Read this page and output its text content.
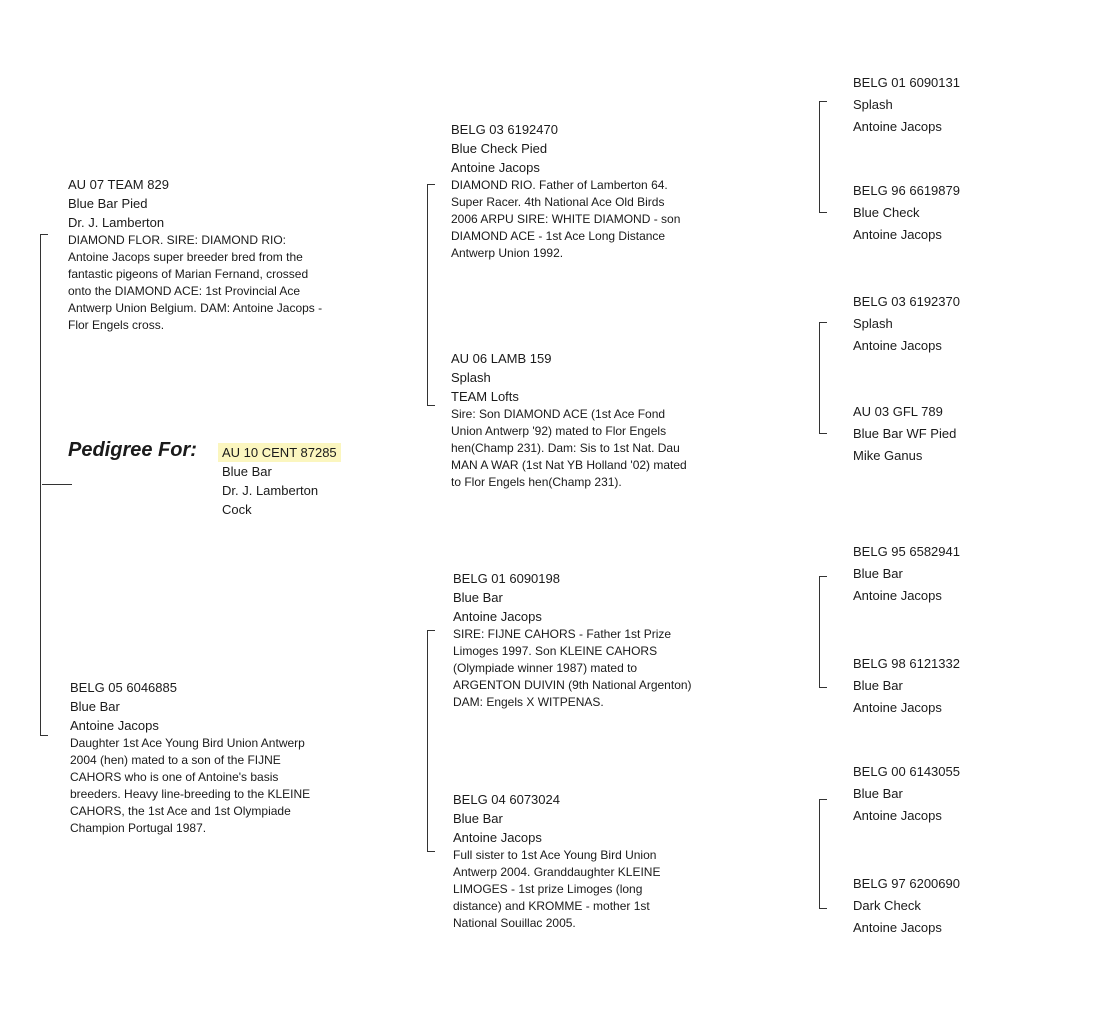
Pedigree For:	AU 10 CENT 87285
Blue Bar
Dr. J. Lamberton
Cock
AU 07 TEAM 829
Blue Bar Pied
Dr. J. Lamberton
DIAMOND FLOR. SIRE: DIAMOND RIO:
Antoine Jacops super breeder bred from the
fantastic pigeons of Marian Fernand, crossed
onto the DIAMOND ACE: 1st Provincial Ace
Antwerp Union Belgium. DAM: Antoine Jacops -
Flor Engels cross.
BELG 05 6046885
Blue Bar
Antoine Jacops
Daughter 1st Ace Young Bird Union Antwerp
2004 (hen) mated to a son of the FIJNE
CAHORS who is one of Antoine's basis
breeders. Heavy line-breeding to the KLEINE
CAHORS, the 1st Ace and 1st Olympiade
Champion Portugal 1987.
BELG 03 6192470
Blue Check Pied
Antoine Jacops
DIAMOND RIO. Father of Lamberton 64.
Super Racer. 4th National Ace Old Birds
2006 ARPU SIRE: WHITE DIAMOND - son
DIAMOND ACE - 1st Ace Long Distance
Antwerp Union 1992.
AU 06 LAMB 159
Splash
TEAM Lofts
Sire: Son DIAMOND ACE (1st Ace Fond
Union Antwerp '92) mated to Flor Engels
hen(Champ 231). Dam: Sis to 1st Nat. Dau
MAN A WAR (1st Nat YB Holland '02) mated
to Flor Engels hen(Champ 231).
BELG 01 6090198
Blue Bar
Antoine Jacops
SIRE: FIJNE CAHORS - Father 1st Prize
Limoges 1997. Son KLEINE CAHORS
(Olympiade winner 1987) mated to
ARGENTON DUIVIN (9th National Argenton)
DAM: Engels X WITPENAS.
BELG 04 6073024
Blue Bar
Antoine Jacops
Full sister to 1st Ace Young Bird Union
Antwerp 2004. Granddaughter KLEINE
LIMOGES - 1st prize Limoges (long
distance) and KROMME - mother 1st
National Souillac 2005.
BELG 01 6090131
Splash
Antoine Jacops
BELG 96 6619879
Blue Check
Antoine Jacops
BELG 03 6192370
Splash
Antoine Jacops
AU 03 GFL 789
Blue Bar WF Pied
Mike Ganus
BELG 95 6582941
Blue Bar
Antoine Jacops
BELG 98 6121332
Blue Bar
Antoine Jacops
BELG 00 6143055
Blue Bar
Antoine Jacops
BELG 97 6200690
Dark Check
Antoine Jacops
